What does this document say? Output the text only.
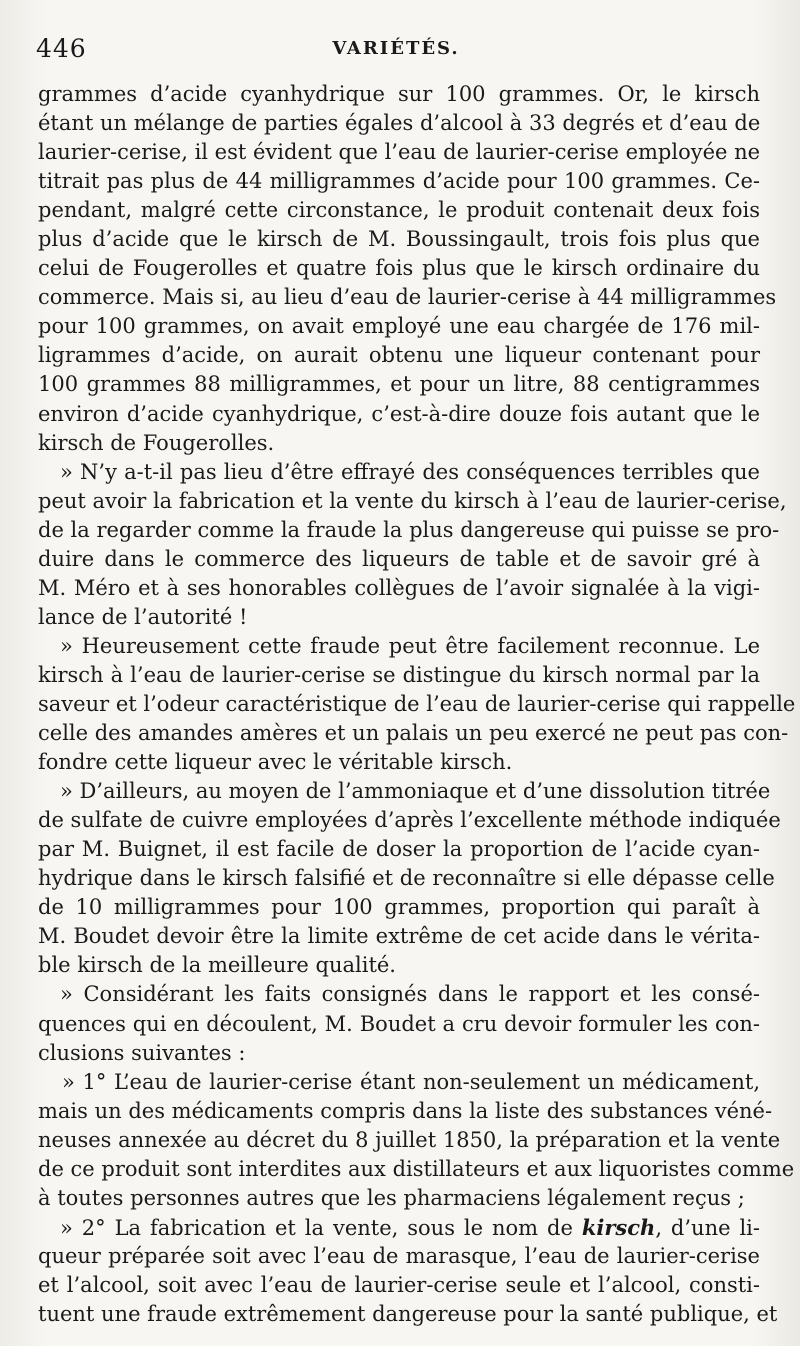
446	VARIÉTÉS.
grammes d’acide cyanhydrique sur 100 grammes. Or, le kirsch
étant un mélange de parties égales d’alcool à 33 degrés et d’eau de
laurier-cerise, il est évident que l’eau de laurier-cerise employée ne
titrait pas plus de 44 milligrammes d’acide pour 100 grammes. Ce-
pendant, malgré cette circonstance, le produit contenait deux fois
plus d’acide que le kirsch de M. Boussingault, trois fois plus que
celui de Fougerolles et quatre fois plus que le kirsch ordinaire du
commerce. Mais si, au lieu d’eau de laurier-cerise à 44 milligrammes
pour 100 grammes, on avait employé une eau chargée de 176 mil-
ligrammes d’acide, on aurait obtenu une liqueur contenant pour
100 grammes 88 milligrammes, et pour un litre, 88 centigrammes
environ d’acide cyanhydrique, c’est-à-dire douze fois autant que le
kirsch de Fougerolles.
» N’y a-t-il pas lieu d’être effrayé des conséquences terribles que
peut avoir la fabrication et la vente du kirsch à l’eau de laurier-cerise,
de la regarder comme la fraude la plus dangereuse qui puisse se pro-
duire dans le commerce des liqueurs de table et de savoir gré à
M. Méro et à ses honorables collègues de l’avoir signalée à la vigi-
lance de l’autorité !
» Heureusement cette fraude peut être facilement reconnue. Le
kirsch à l’eau de laurier-cerise se distingue du kirsch normal par la
saveur et l’odeur caractéristique de l’eau de laurier-cerise qui rappelle
celle des amandes amères et un palais un peu exercé ne peut pas con-
fondre cette liqueur avec le véritable kirsch.
» D’ailleurs, au moyen de l’ammoniaque et d’une dissolution titrée
de sulfate de cuivre employées d’après l’excellente méthode indiquée
par M. Buignet, il est facile de doser la proportion de l’acide cyan-
hydrique dans le kirsch falsifié et de reconnaître si elle dépasse celle
de 10 milligrammes pour 100 grammes, proportion qui paraît à
M. Boudet devoir être la limite extrême de cet acide dans le vérita-
ble kirsch de la meilleure qualité.
» Considérant les faits consignés dans le rapport et les consé-
quences qui en découlent, M. Boudet a cru devoir formuler les con-
clusions suivantes :
» 1° L’eau de laurier-cerise étant non-seulement un médicament,
mais un des médicaments compris dans la liste des substances véné-
neuses annexée au décret du 8 juillet 1850, la préparation et la vente
de ce produit sont interdites aux distillateurs et aux liquoristes comme
à toutes personnes autres que les pharmaciens légalement reçus ;
» 2° La fabrication et la vente, sous le nom de kirsch, d’une li-
queur préparée soit avec l’eau de marasque, l’eau de laurier-cerise
et l’alcool, soit avec l’eau de laurier-cerise seule et l’alcool, consti-
tuent une fraude extrêmement dangereuse pour la santé publique, et
